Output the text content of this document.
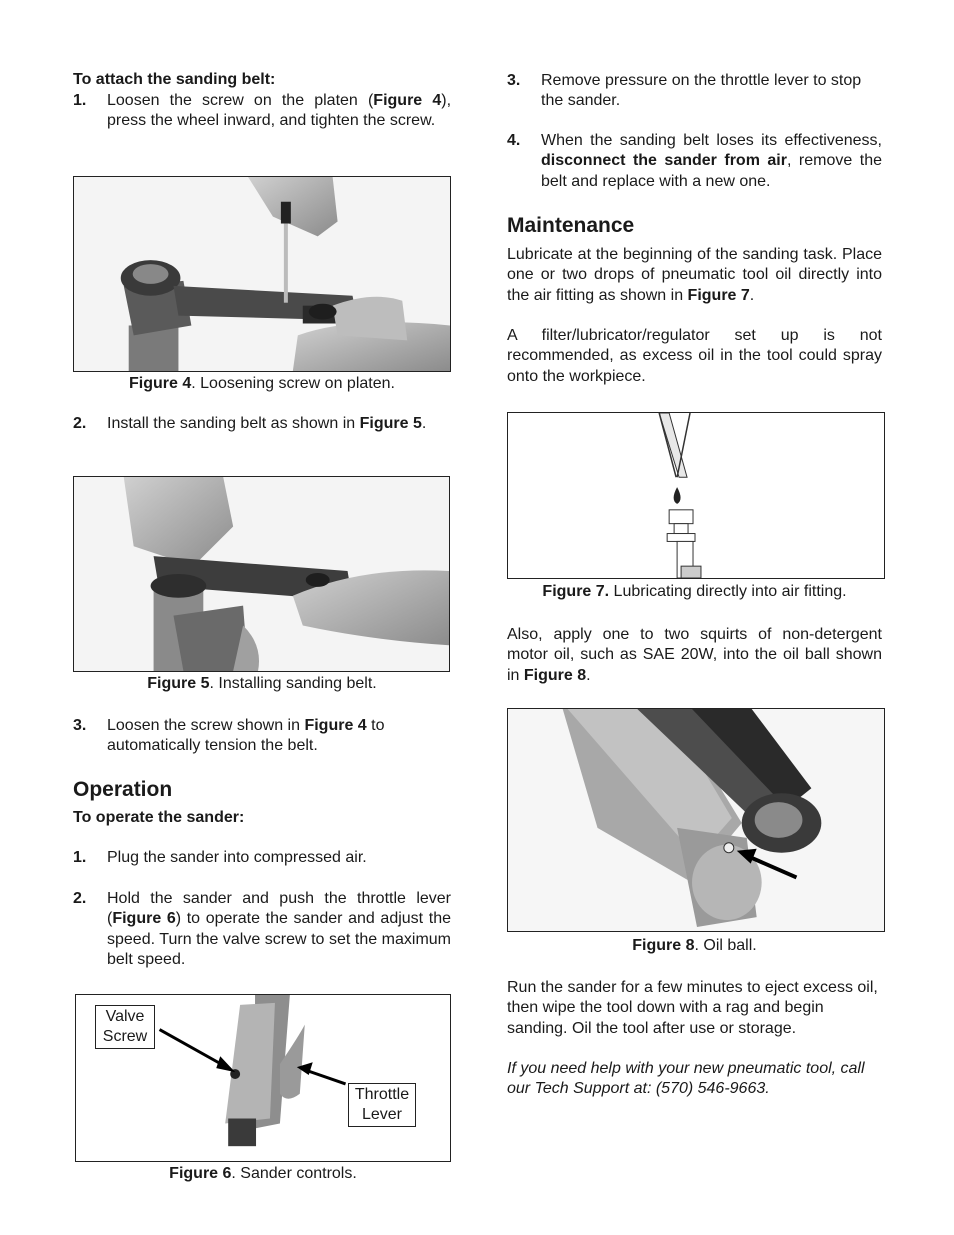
To attach the sanding belt:
1. Loosen the screw on the platen (Figure 4), press the wheel inward, and tighten the screw.
Figure 4. Loosening screw on platen.
2. Install the sanding belt as shown in Figure 5.
Figure 5. Installing sanding belt.
3. Loosen the screw shown in Figure 4 to automatically tension the belt.
Operation
To operate the sander:
1. Plug the sander into compressed air.
2. Hold the sander and push the throttle lever (Figure 6) to operate the sander and adjust the speed. Turn the valve screw to set the maximum belt speed.
Valve
Screw
Throttle
Lever
Figure 6. Sander controls.
3. Remove pressure on the throttle lever to stop the sander.
4. When the sanding belt loses its effectiveness, disconnect the sander from air, remove the belt and replace with a new one.
Maintenance
Lubricate at the beginning of the sanding task. Place one or two drops of pneumatic tool oil directly into the air fitting as shown in Figure 7.
A filter/lubricator/regulator set up is not recommended, as excess oil in the tool could spray onto the workpiece.
Figure 7. Lubricating directly into air fitting.
Also, apply one to two squirts of non-detergent motor oil, such as SAE 20W, into the oil ball shown in Figure 8.
Figure 8. Oil ball.
Run the sander for a few minutes to eject excess oil, then wipe the tool down with a rag and begin sanding. Oil the tool after use or storage.
If you need help with your new pneumatic tool, call our Tech Support at: (570) 546-9663.
